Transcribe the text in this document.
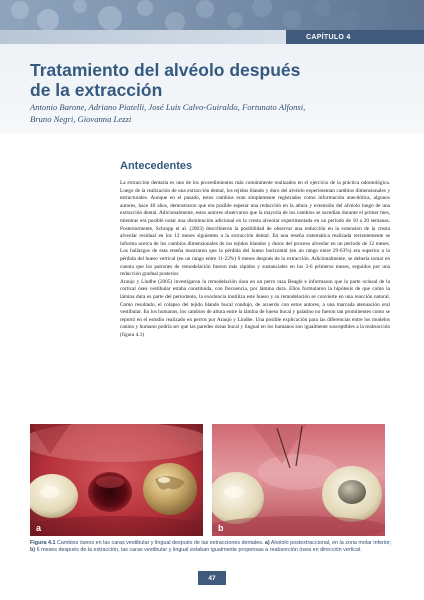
CAPÍTULO 4
Tratamiento del alvéolo después
de la extracción
Antonio Barone, Adriano Piatelli, José Luis Calvo-Guiraldo, Fortunato Alfonsi,
Bruno Negri, Giovanna Lezzi
Antecedentes

La extracción dentaria es uno de los procedimientos más comúnmente realizados en el ejercicio de la práctica odontológica. Luego de la realización de una extracción dental, los tejidos blando y duro del alvéolo experimentan cambios dimensionales y estructurales. Aunque en el pasado, estos cambios eran simplemente registrados como información anecdótica, algunos autores, hace 40 años, demostraron que era posible esperar una reducción en la altura y extensión del alvéolo luego de una extracción dental. Adicionalmente, estos autores observaron que la mayoría de los cambios se sucedían durante el primer mes, mientras era posible notar una disminución adicional en la cresta alveolar experimentada en un período de 10 a 20 semanas. Posteriormente, Schropp et al. (2003) describieron la posibilidad de observar una reducción en la extensión de la cresta alveolar residual en los 12 meses siguientes a la extracción dental. En una reseña sistemática realizada recientemente se informa acerca de los cambios dimensionales de los tejidos blandos y duros del proceso alveolar en un período de 12 meses. Los hallazgos de esta reseña mostraron que la pérdida del hueso horizontal (en un rango entre 29-63%) era superior a la pérdida del hueso vertical (en un rango entre 11-22%) 6 meses después de la extracción. Adicionalmente, se debería tomar en cuenta que los patrones de remodelación fueron más rápidos y sustanciales en los 3-6 primeros meses, seguidos por una reducción gradual posterior.

Araujo y Lindhe (2005) investigaron la remodelación ósea en un perro raza Beagle e informaron que la parte oclusal de la cortical ósea vestibular estaba constituida, con frecuencia, por lámina dura. Ellos formularon la hipótesis de que como la lámina dura es parte del periodonto, la exodoncia inutiliza este hueso y su remodelación se convierte en una reacción natural. Como resultado, el colapso del tejido blando bucal condujo, de acuerdo con estos autores, a una marcada atenuación oral vestibular. En los humanos, los cambios de altura entre la lámina de hueso bucal y palatino no fueron tan prominentes como se reportó en el estudio realizado en perros por Araujo y Lindhe. Una posible explicación para las diferencias entre los modelos canino y humano podría ser que las paredes óseas bucal y lingual en los humanos son igualmente susceptibles a la reabsorción (figura 4.1)

a	b
Figura 4.1 Cambios óseos en las caras vestibular y lingual después de las extracciones dentales. a) Alvéolo postextraccional, en la zona molar inferior; b) 6 meses después de la extracción, las caras vestibular y lingual estaban igualmente propensas a reabsorción ósea en dirección vertical.
47
